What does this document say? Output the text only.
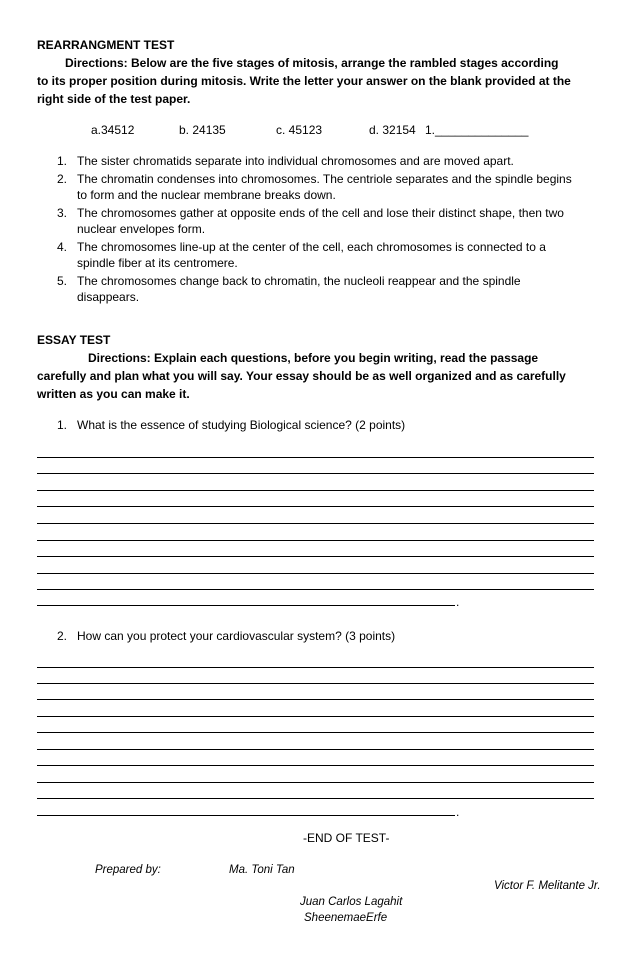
REARRANGMENT TEST
Directions: Below are the five stages of mitosis, arrange the rambled stages according
to its proper position during mitosis. Write the letter your answer on the blank provided at the
right side of the test paper.
a.34512	b. 24135	c. 45123	d. 32154 1.______________
1. The sister chromatids separate into individual chromosomes and are moved apart.
2. The chromatin condenses into chromosomes. The centriole separates and the spindle begins
to form and the nuclear membrane breaks down.
3. The chromosomes gather at opposite ends of the cell and lose their distinct shape, then two
nuclear envelopes form.
4. The chromosomes line-up at the center of the cell, each chromosomes is connected to a
spindle fiber at its centromere.
5. The chromosomes change back to chromatin, the nucleoli reappear and the spindle
disappears.
ESSAY TEST
Directions: Explain each questions, before you begin writing, read the passage
carefully and plan what you will say. Your essay should be as well organized and as carefully
written as you can make it.
1. What is the essence of studying Biological science? (2 points)
.
2. How can you protect your cardiovascular system? (3 points)
.
-END OF TEST-
Prepared by:	Ma. Toni Tan
Victor F. Melitante Jr.
Juan Carlos Lagahit
SheenemaeErfe
